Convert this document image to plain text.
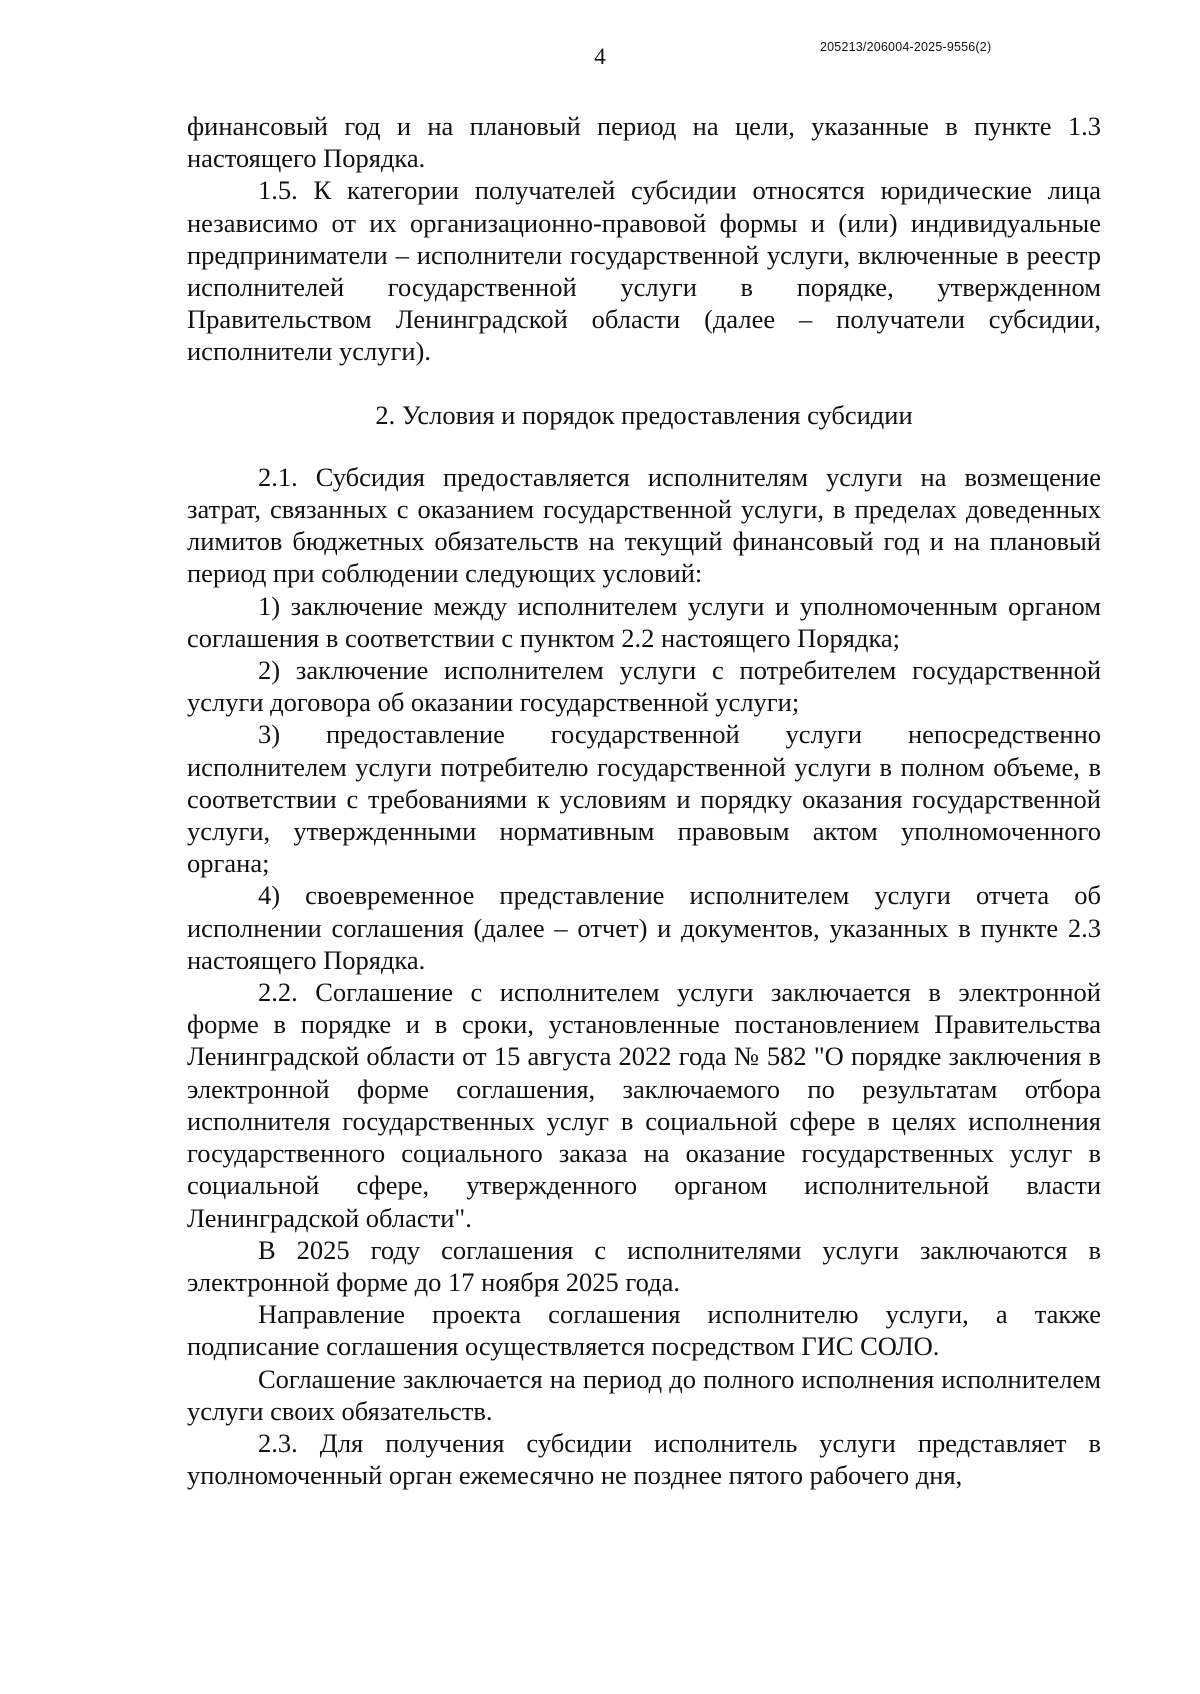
4	205213/206004-2025-9556(2)

финансовый год и на плановый период на цели, указанные в пункте 1.3 настоящего Порядка.

1.5. К категории получателей субсидии относятся юридические лица независимо от их организационно-правовой формы и (или) индивидуальные предприниматели – исполнители государственной услуги, включенные в реестр исполнителей государственной услуги в порядке, утвержденном Правительством Ленинградской области (далее – получатели субсидии, исполнители услуги).

2. Условия и порядок предоставления субсидии

2.1. Субсидия предоставляется исполнителям услуги на возмещение затрат, связанных с оказанием государственной услуги, в пределах доведенных лимитов бюджетных обязательств на текущий финансовый год и на плановый период при соблюдении следующих условий:

1) заключение между исполнителем услуги и уполномоченным органом соглашения в соответствии с пунктом 2.2 настоящего Порядка;

2) заключение исполнителем услуги с потребителем государственной услуги договора об оказании государственной услуги;

3) предоставление государственной услуги непосредственно исполнителем услуги потребителю государственной услуги в полном объеме, в соответствии с требованиями к условиям и порядку оказания государственной услуги, утвержденными нормативным правовым актом уполномоченного органа;

4) своевременное представление исполнителем услуги отчета об исполнении соглашения (далее – отчет) и документов, указанных в пункте 2.3 настоящего Порядка.

2.2. Соглашение с исполнителем услуги заключается в электронной форме в порядке и в сроки, установленные постановлением Правительства Ленинградской области от 15 августа 2022 года № 582 "О порядке заключения в электронной форме соглашения, заключаемого по результатам отбора исполнителя государственных услуг в социальной сфере в целях исполнения государственного социального заказа на оказание государственных услуг в социальной сфере, утвержденного органом исполнительной власти Ленинградской области".

В 2025 году соглашения с исполнителями услуги заключаются в электронной форме до 17 ноября 2025 года.

Направление проекта соглашения исполнителю услуги, а также подписание соглашения осуществляется посредством ГИС СОЛО.

Соглашение заключается на период до полного исполнения исполнителем услуги своих обязательств.

2.3. Для получения субсидии исполнитель услуги представляет в уполномоченный орган ежемесячно не позднее пятого рабочего дня,
